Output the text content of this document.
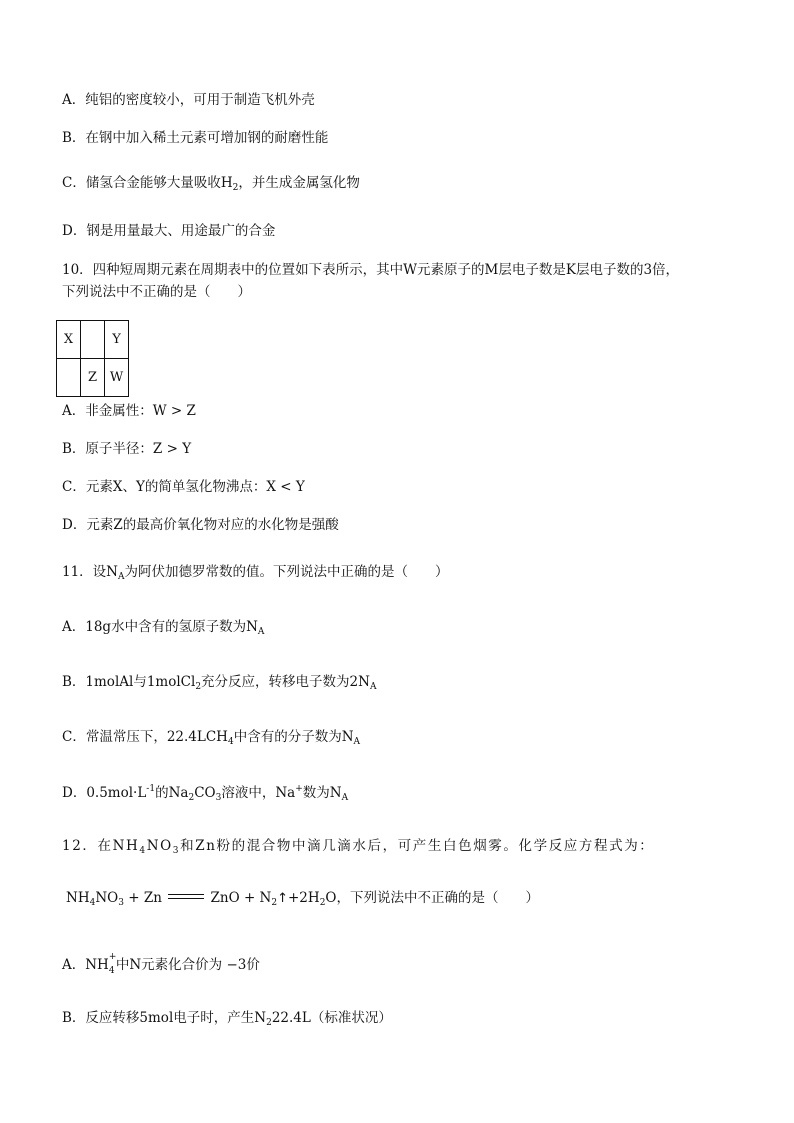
A．纯铝的密度较小，可用于制造飞机外壳
B．在钢中加入稀土元素可增加钢的耐磨性能
C．储氢合金能够大量吸收$H_2$，并生成金属氢化物
D．钢是用量最大、用途最广的合金
10．四种短周期元素在周期表中的位置如下表所示，其中W元素原子的M层电子数是K层电子数的3倍，
下列说法中不正确的是（　　）
X		Y
	Z	W
A．非金属性：W > Z
B．原子半径：Z > Y
C．元素X、Y的简单氢化物沸点：X < Y
D．元素Z的最高价氧化物对应的水化物是强酸
11．设$N_A$为阿伏加德罗常数的值。下列说法中正确的是（　　）
A．18g水中含有的氢原子数为$N_A$
B．1molAl与1molCl$_2$充分反应，转移电子数为$2N_A$
C．常温常压下，$22.4LCH_4$中含有的分子数为$N_A$
D．$0.5mol\cdot L^{-1}$的$Na_2CO_3$溶液中，Na+数为$N_A$
12．在$NH_4NO_3$和Zn粉的混合物中滴几滴水后，可产生白色烟雾。化学反应方程式为：
$NH_4NO_3 + Zn$	ZnO + $N_2↑+2H_2O$，下列说法中不正确的是（　　）
A．NH +
4 中N元素化合价为 −3价
B．反应转移5mol电子时，产生$N_222.4L$（标准状况）
